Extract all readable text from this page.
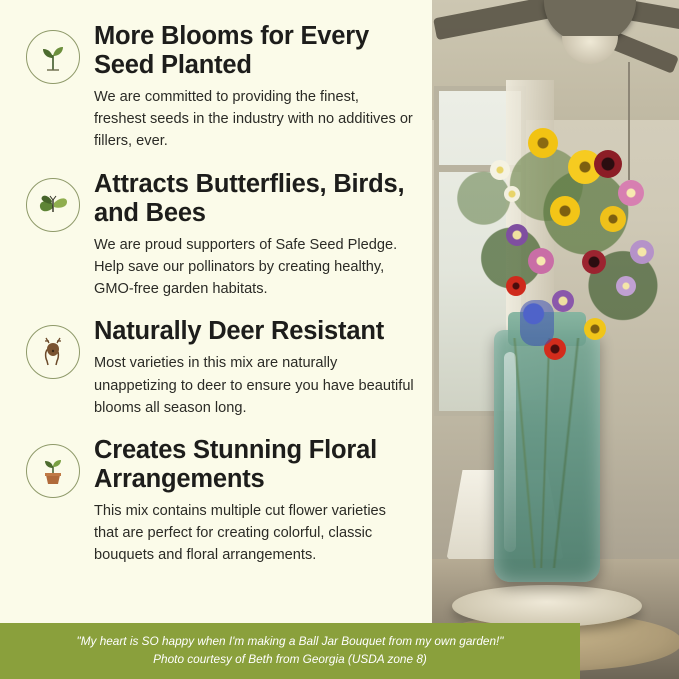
More Blooms for Every Seed Planted

We are committed to providing the finest, freshest seeds in the industry with no additives or fillers, ever.

Attracts Butterflies, Birds, and Bees

We are proud supporters of Safe Seed Pledge. Help save our pollinators by creating healthy, GMO-free garden habitats.

Naturally Deer Resistant

Most varieties in this mix are naturally unappetizing to deer to ensure you have beautiful blooms all season long.

Creates Stunning Floral Arrangements

This mix contains multiple cut flower varieties that are perfect for creating colorful, classic bouquets and floral arrangements.

"My heart is SO happy when I'm making a Ball Jar Bouquet from my own garden!"
Photo courtesy of Beth from Georgia (USDA zone 8)
